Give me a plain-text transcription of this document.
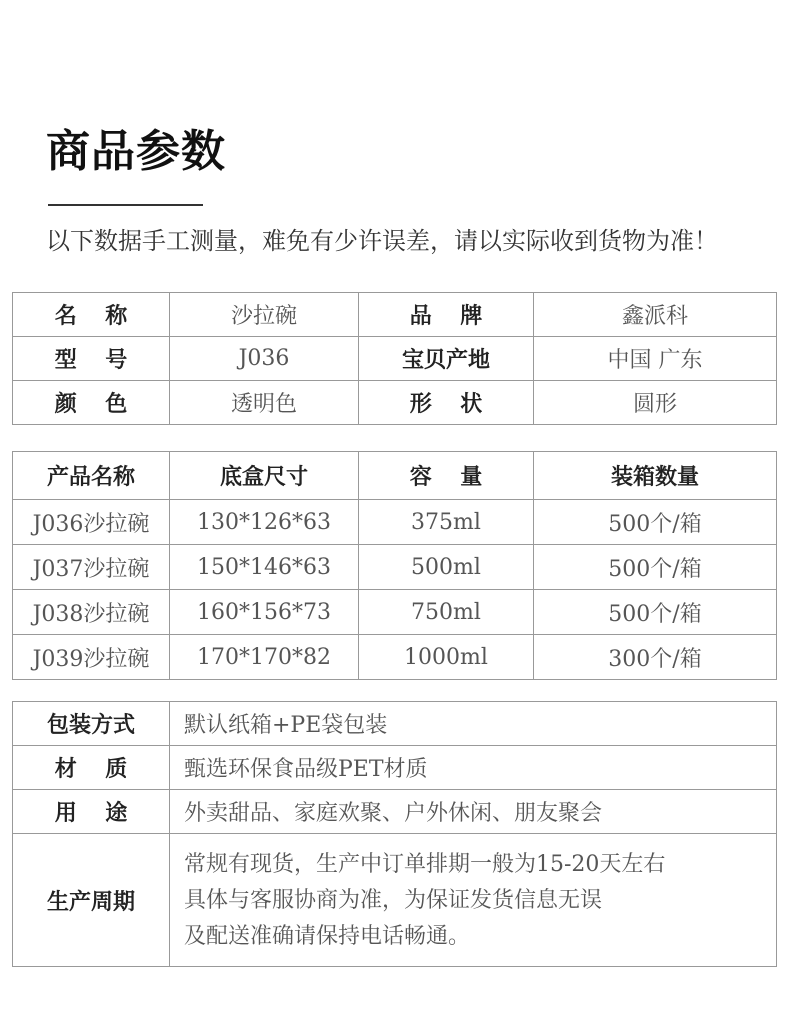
商品参数
以下数据手工测量，难免有少许误差，请以实际收到货物为准！
名称	沙拉碗	品牌	鑫派科
型号	J036	宝贝产地	中国 广东
颜色	透明色	形状	圆形
产品名称	底盒尺寸	容量	装箱数量
J036沙拉碗	130*126*63	375ml	500个/箱
J037沙拉碗	150*146*63	500ml	500个/箱
J038沙拉碗	160*156*73	750ml	500个/箱
J039沙拉碗	170*170*82	1000ml	300个/箱
包装方式	默认纸箱+PE袋包装
材质	甄选环保食品级PET材质
用途	外卖甜品、家庭欢聚、户外休闲、朋友聚会
生产周期	常规有现货，生产中订单排期一般为15-20天左右
具体与客服协商为准，为保证发货信息无误
及配送准确请保持电话畅通。
